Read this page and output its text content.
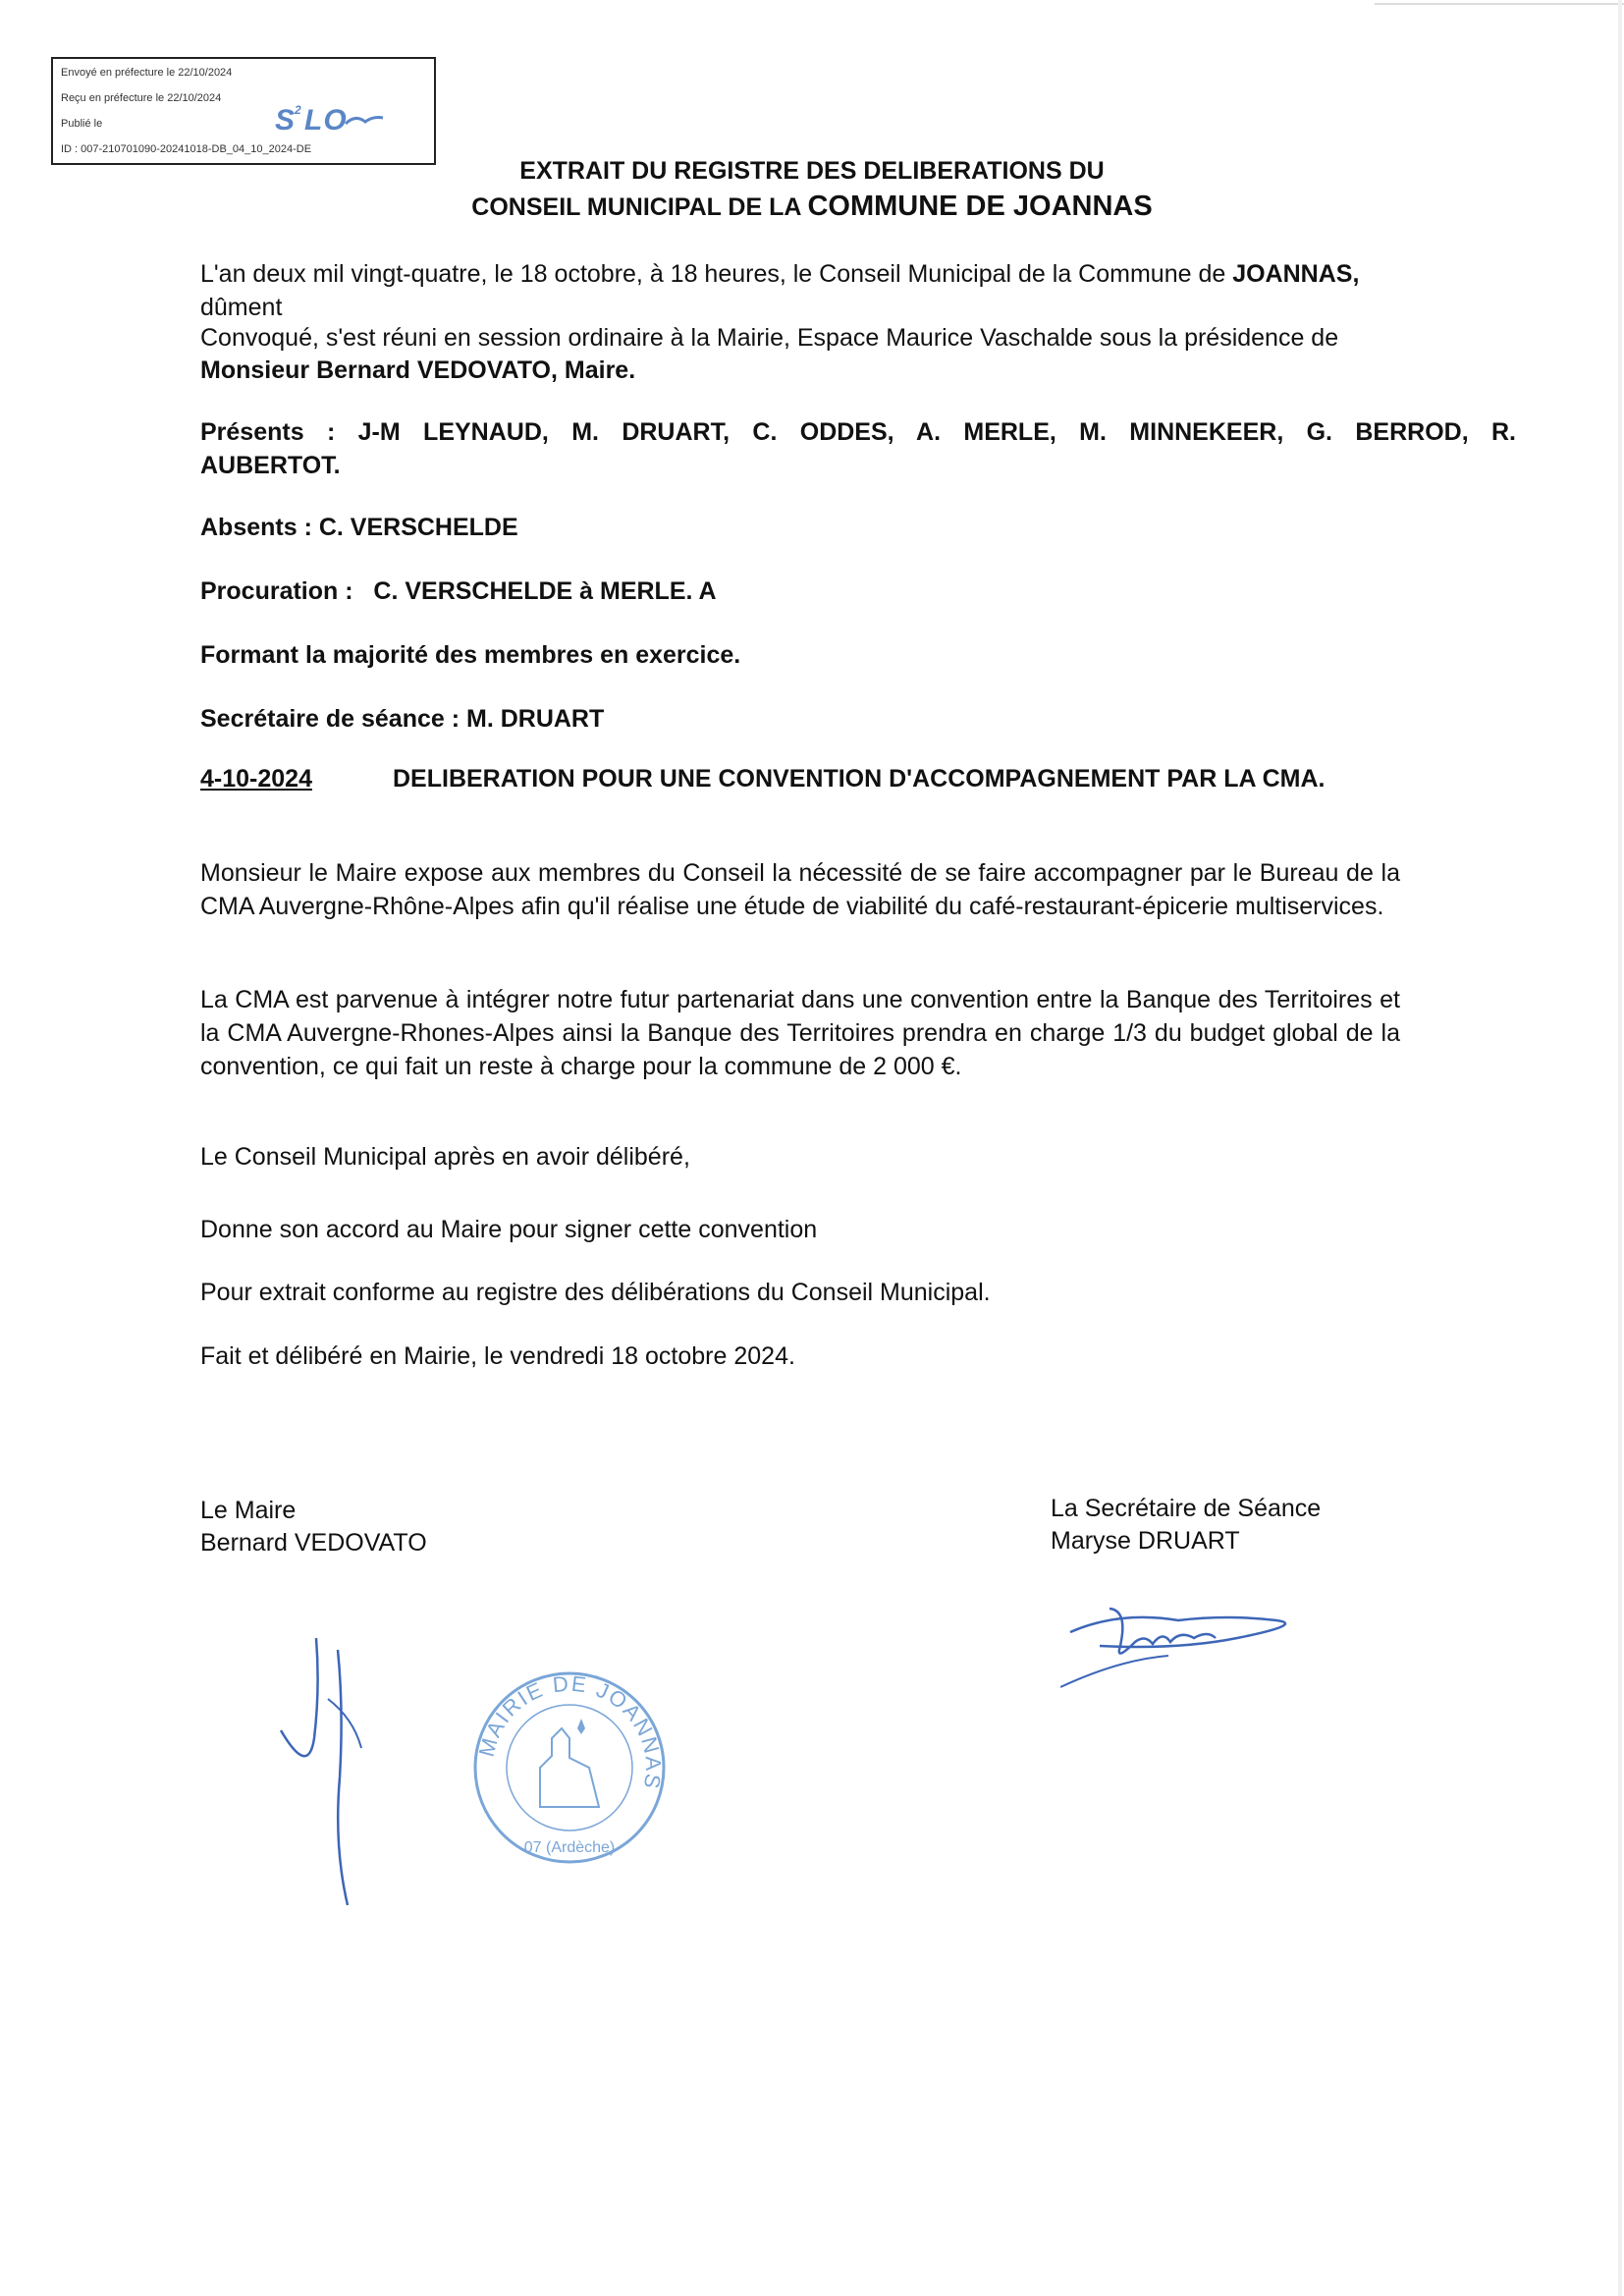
Envoyé en préfecture le 22/10/2024
Reçu en préfecture le 22/10/2024
Publié le
ID : 007-210701090-20241018-DB_04_10_2024-DE
S
2 LO
EXTRAIT DU REGISTRE DES DELIBERATIONS DU
CONSEIL MUNICIPAL DE LA COMMUNE DE JOANNAS
L'an deux mil vingt-quatre, le 18 octobre, à 18 heures, le Conseil Municipal de la Commune de JOANNAS,
dûment
Convoqué, s'est réuni en session ordinaire à la Mairie, Espace Maurice Vaschalde sous la présidence de
Monsieur Bernard VEDOVATO, Maire.
Présents : J-M LEYNAUD, M. DRUART, C. ODDES, A. MERLE, M. MINNEKEER, G. BERROD, R. AUBERTOT.
Absents : C. VERSCHELDE
Procuration :   C. VERSCHELDE à MERLE. A
Formant la majorité des membres en exercice.
Secrétaire de séance : M. DRUART
4-10-2024	DELIBERATION POUR UNE CONVENTION D'ACCOMPAGNEMENT PAR LA CMA.
Monsieur le Maire expose aux membres du Conseil la nécessité de se faire accompagner par le Bureau de la CMA Auvergne-Rhône-Alpes afin qu'il réalise une étude de viabilité du café-restaurant-épicerie multiservices.
La CMA est parvenue à intégrer notre futur partenariat dans une convention entre la Banque des Territoires et la CMA Auvergne-Rhones-Alpes ainsi la Banque des Territoires prendra en charge 1/3 du budget global de la convention, ce qui fait un reste à charge pour la commune de 2 000 €.
Le Conseil Municipal après en avoir délibéré,
Donne son accord au Maire pour signer cette convention
Pour extrait conforme au registre des délibérations du Conseil Municipal.
Fait et délibéré en Mairie, le vendredi 18 octobre 2024.
Le Maire
Bernard VEDOVATO
La Secrétaire de Séance
Maryse DRUART
MAIRIE DE JOANNAS
07 (Ardèche)
